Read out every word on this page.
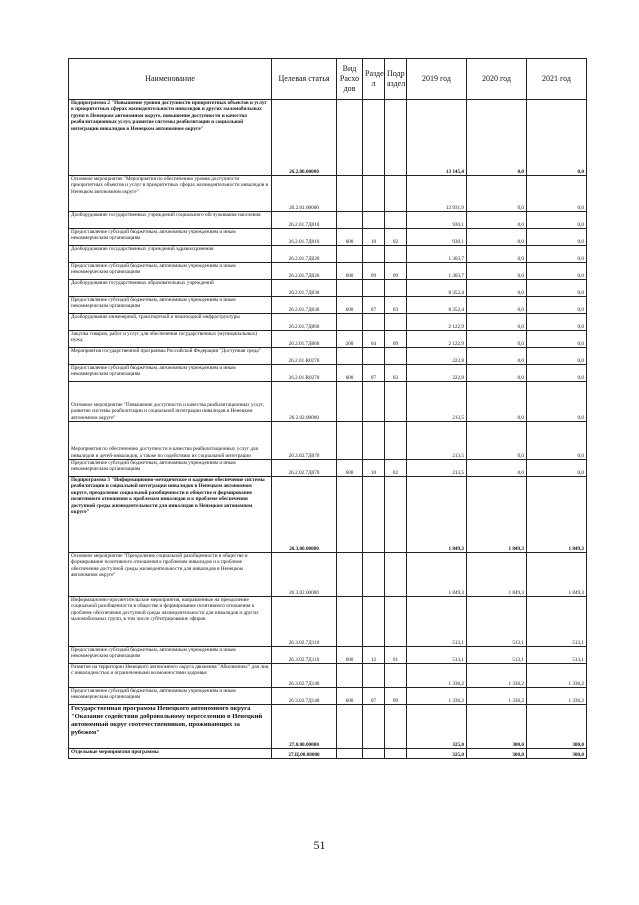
Наименование	Целевая статья	Вид Расхо дов	Разде л	Подр аздел	2019 год	2020 год	2021 год
Подпрограмма 2 "Повышение уровня доступности приоритетных объектов и услуг в приоритетных сферах жизнедеятельности инвалидов и других маломобильных групп в Ненецком автономном округе, повышение доступности и качества реабилитационных услуг, развитие системы реабилитации и социальной интеграции инвалидов в Ненецком автономном округе"	26.2.00.00000				13 145,4	0,0	0,0
Основное мероприятие "Мероприятия по обеспечению уровня доступности приоритетных объектов и услуг в приоритетных сферах жизнедеятельности инвалидов в Ненецком автономном округе"	26.2.01.00000				12 931,9	0,0	0,0
Дооборудование государственных учреждений социального обслуживания населения	26.2.01.7Д010				930,1	0,0	0,0
Предоставление субсидий бюджетным, автономным учреждениям и иным некоммерческим организациям	26.2.01.7Д010	600	10	02	930,1	0,0	0,0
Дооборудование государственных учреждений здравоохранения	26.2.01.7Д020				1 303,7	0,0	0,0
Предоставление субсидий бюджетным, автономным учреждениям и иным некоммерческим организациям	26.2.01.7Д020	600	09	09	1 303,7	0,0	0,0
Дооборудование государственных образовательных учреждений	26.2.01.7Д030				8 352,4	0,0	0,0
Предоставление субсидий бюджетным, автономным учреждениям и иным некоммерческим организациям	26.2.01.7Д030	600	07	03	8 352,4	0,0	0,0
Дооборудование инженерной, транспортной и пешеходной инфраструктуры	26.2.01.7Д060				2 122,9	0,0	0,0
Закупка товаров, работ и услуг для обеспечения государственных (муниципальных) нужд	26.2.01.7Д060	200	04	09	2 122,9	0,0	0,0
Мероприятия государственной программы Российской Федерации "Доступная среда"	26.2.01.R0270				222,8	0,0	0,0
Предоставление субсидий бюджетным, автономным учреждениям и иным некоммерческим организациям	26.2.01.R0270	600	07	03	222,8	0,0	0,0
Основное мероприятие "Повышение доступности и качества реабилитационных услуг, развитие системы реабилитации и социальной интеграции инвалидов в Ненецком автономном округе"	26.2.02.00000				213,5	0,0	0,0
Мероприятия по обеспечению доступности и качества реабилитационных услуг для инвалидов и детей-инвалидов, а также по содействию их социальной интеграции	26.2.02.7Д070				213,5	0,0	0,0
Предоставление субсидий бюджетным, автономным учреждениям и иным некоммерческим организациям	26.2.02.7Д070	600	10	02	213,5	0,0	0,0
Подпрограмма 3 "Информационно-методическое и кадровое обеспечение системы реабилитации и социальной интеграции инвалидов в Ненецком автономном округе, преодоление социальной разобщенности в обществе и формирование позитивного отношения к проблемам инвалидов и к проблеме обеспечения доступной среды жизнедеятельности для инвалидов в Ненецком автономном округе"	26.3.00.00000				1 849,3	1 849,3	1 849,3
Основное мероприятие "Преодоление социальной разобщенности в обществе и формирование позитивного отношения к проблемам инвалидов и к проблеме обеспечения доступной среды жизнедеятельности для инвалидов в Ненецком автономном округе"	26.3.02.00000				1 849,3	1 849,3	1 849,3
Информационно-просветительские мероприятия, направленные на преодоление социальной разобщенности в обществе и формирование позитивного отношения к проблеме обеспечения доступной среды жизнедеятельности для инвалидов и других маломобильных групп, в том числе субтитрирование эфиров	26.3.02.7Д110				513,1	513,1	513,1
Предоставление субсидий бюджетным, автономным учреждениям и иным некоммерческим организациям	26.3.02.7Д110	600	12	01	513,1	513,1	513,1
Развитие на территории Ненецкого автономного округа движения "Абилимпикс" для лиц с инвалидностью и ограниченными возможностями здоровья	26.3.02.7Д140				1 336,2	1 336,2	1 336,2
Предоставление субсидий бюджетным, автономным учреждениям и иным некоммерческим организациям	26.3.02.7Д140	600	07	09	1 336,2	1 336,2	1 336,2
Государственная программа Ненецкого автономного округа "Оказание содействия добровольному переселению в Ненецкий автономный округ соотечественников, проживающих за рубежом"	27.0.00.00000				325,0	300,0	300,0
Отдельные мероприятия программы	27.Ц.00.00000				325,0	300,0	300,0
51
